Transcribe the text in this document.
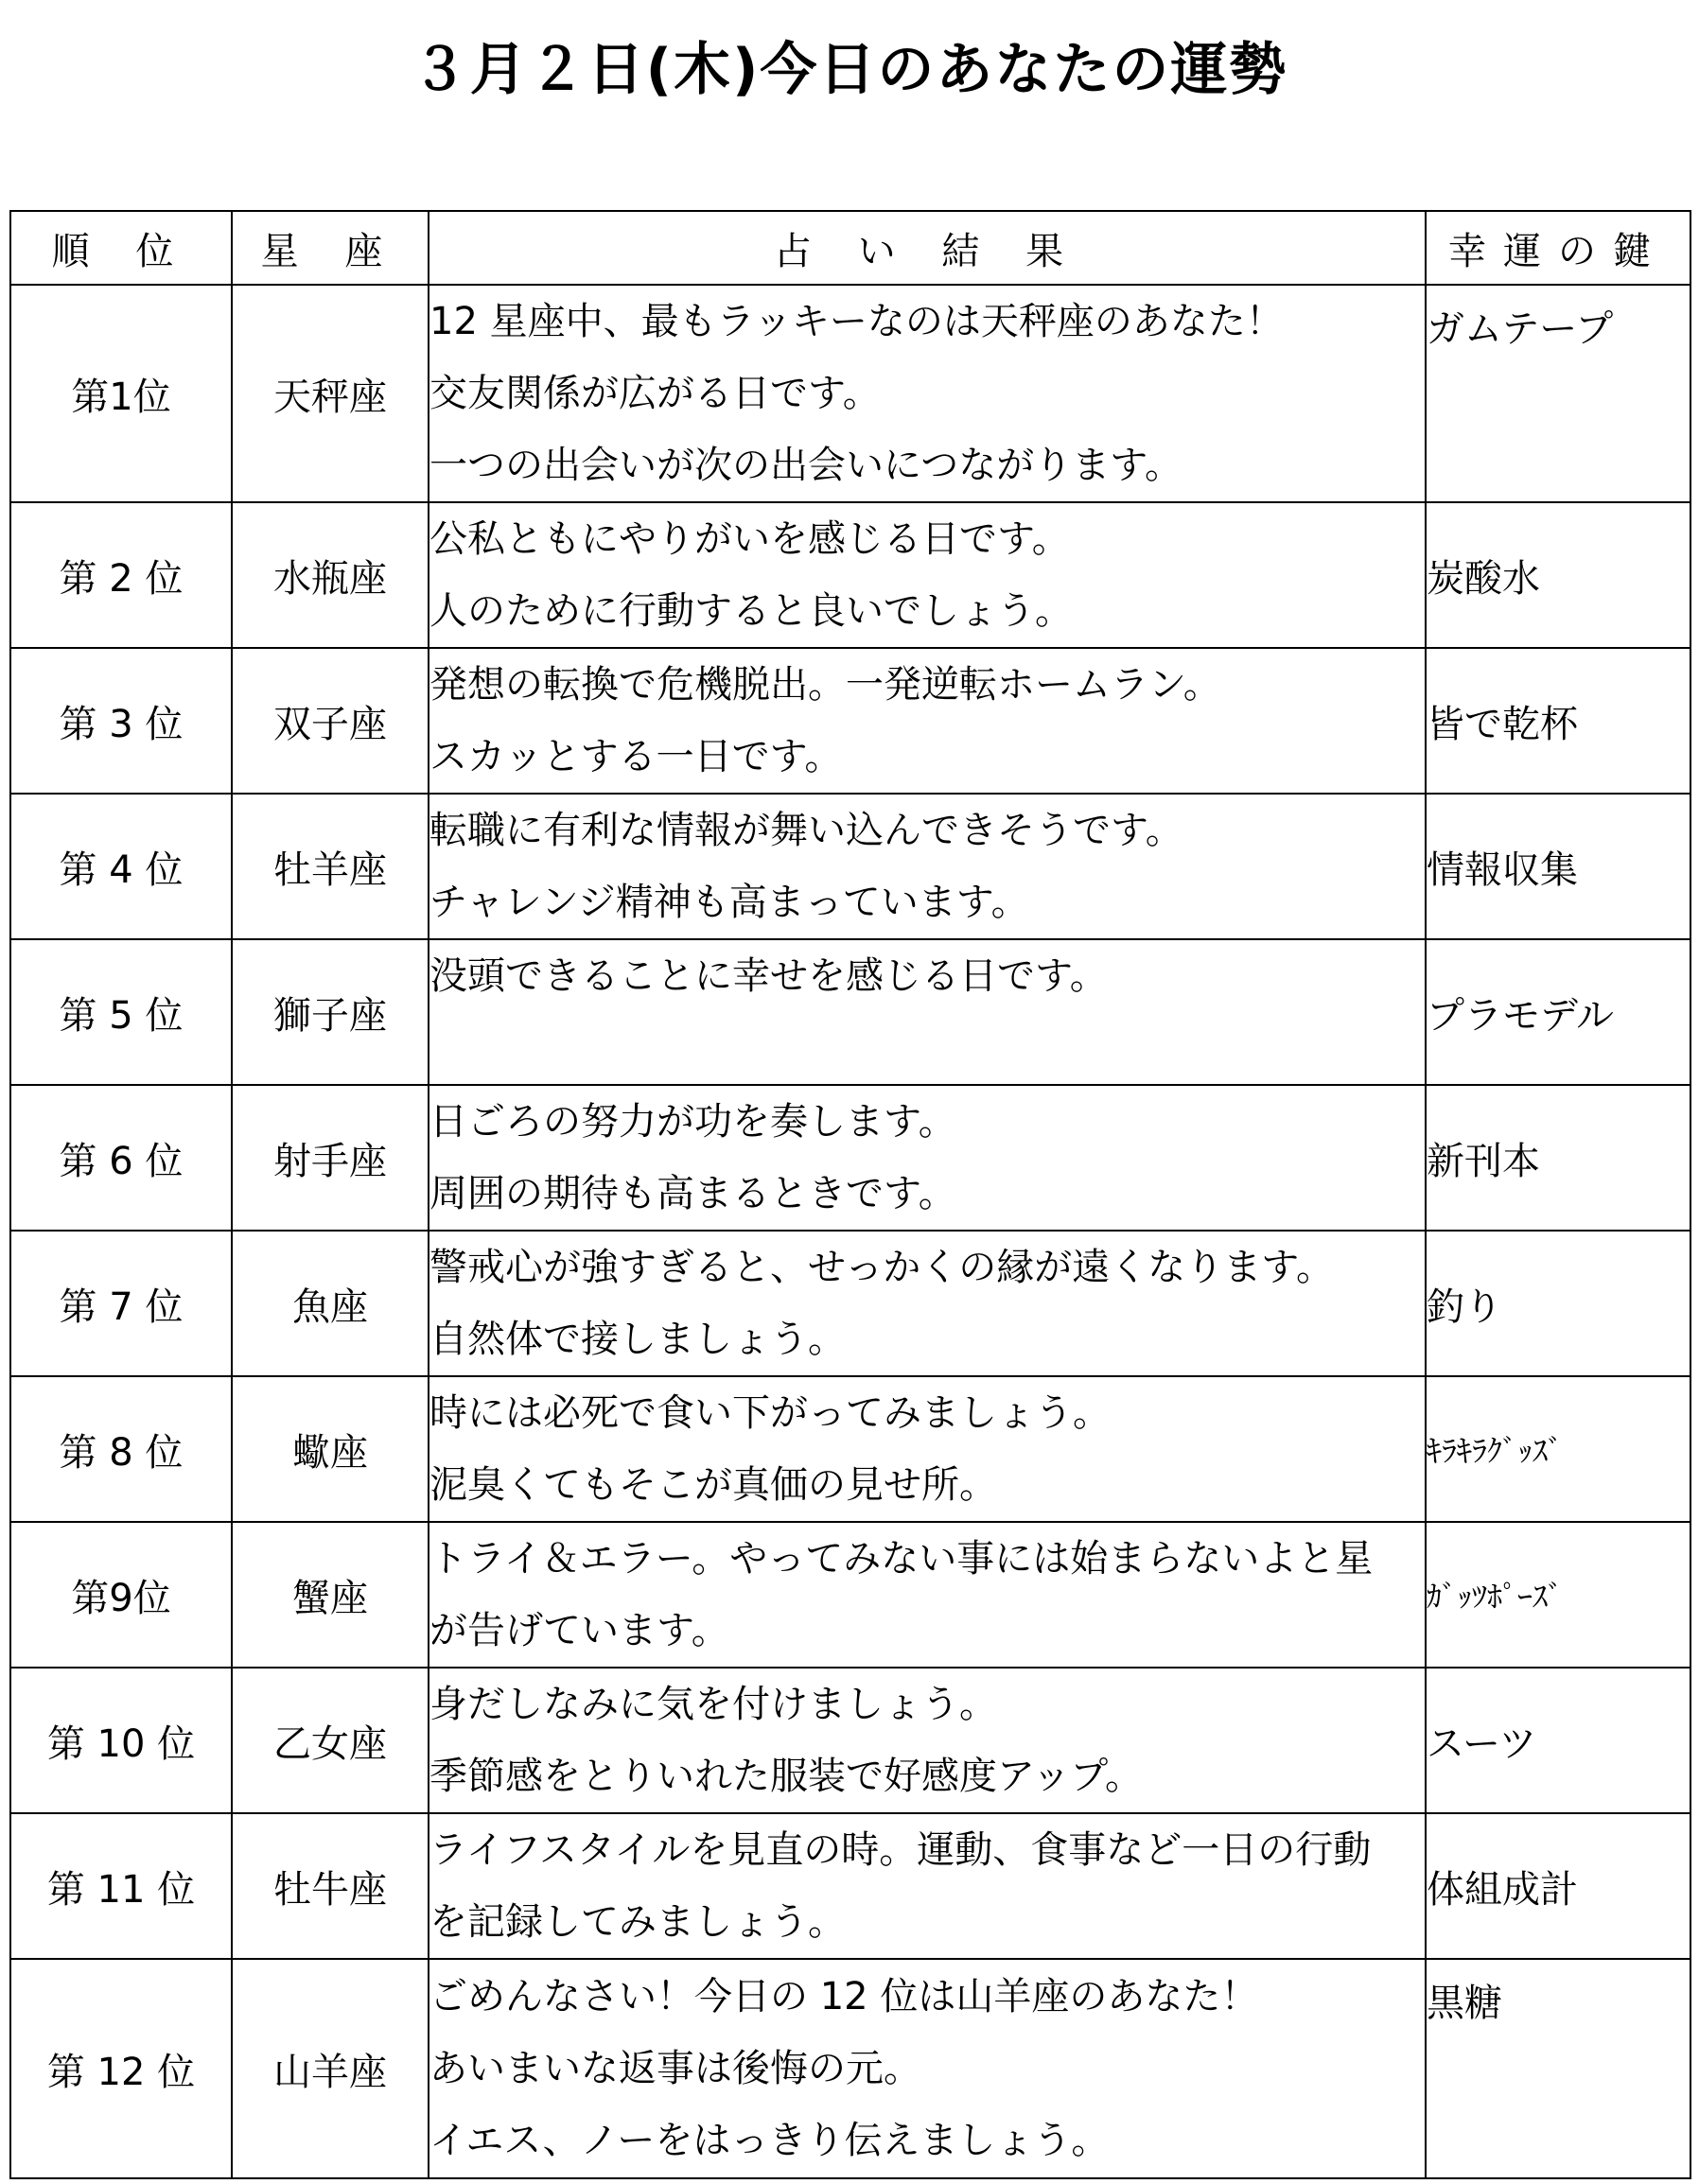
３月２日(木)今日のあなたの運勢
順 位	星 座	占 い 結 果	幸運の鍵
第1位	天秤座	12 星座中、最もラッキーなのは天秤座のあなた！
交友関係が広がる日です。
一つの出会いが次の出会いにつながります。	ガムテープ
第 2 位	水瓶座	公私ともにやりがいを感じる日です。
人のために行動すると良いでしょう。	炭酸水
第 3 位	双子座	発想の転換で危機脱出。一発逆転ホームラン。
スカッとする一日です。	皆で乾杯
第 4 位	牡羊座	転職に有利な情報が舞い込んできそうです。
チャレンジ精神も高まっています。	情報収集
第 5 位	獅子座	没頭できることに幸せを感じる日です。	プラモデル
第 6 位	射手座	日ごろの努力が功を奏します。
周囲の期待も高まるときです。	新刊本
第 7 位	魚座	警戒心が強すぎると、せっかくの縁が遠くなります。
自然体で接しましょう。	釣り
第 8 位	蠍座	時には必死で食い下がってみましょう。
泥臭くてもそこが真価の見せ所。	ｷﾗｷﾗｸﾞｯｽﾞ
第9位	蟹座	トライ＆エラー。やってみない事には始まらないよと星
が告げています。	ｶﾞｯﾂﾎﾟｰｽﾞ
第 10 位	乙女座	身だしなみに気を付けましょう。
季節感をとりいれた服装で好感度アップ。	スーツ
第 11 位	牡牛座	ライフスタイルを見直の時。運動、食事など一日の行動
を記録してみましょう。	体組成計
第 12 位	山羊座	ごめんなさい！今日の 12 位は山羊座のあなた！
あいまいな返事は後悔の元。
イエス、ノーをはっきり伝えましょう。	黒糖
